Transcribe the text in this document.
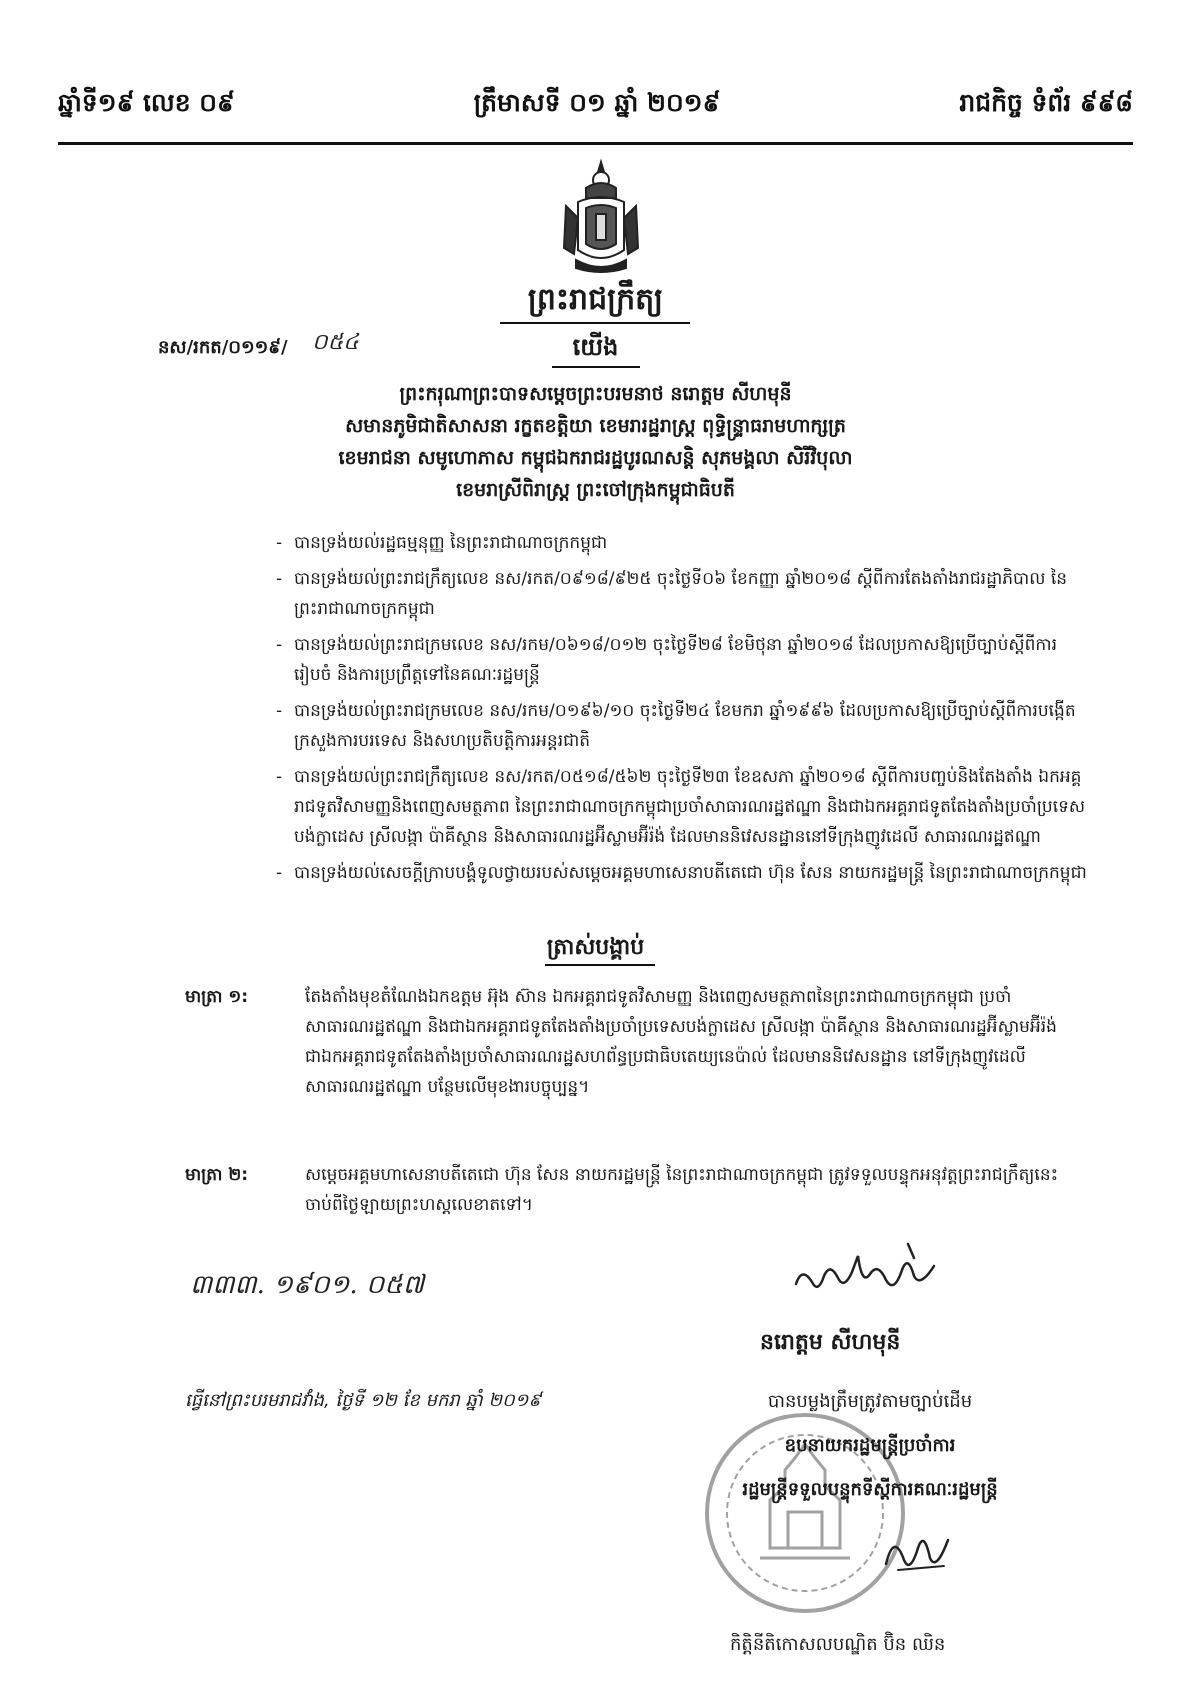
ឆ្នាំទី១៩ លេខ ០៩	ត្រឹមាសទី ០១ ឆ្នាំ ២០១៩	រាជកិច្ច ទំព័រ ៩៩៨
ព្រះរាជក្រឹត្យ
នស/រកត/០១១៩/ ០៥៤	យើង
ព្រះករុណាព្រះបាទសម្តេចព្រះបរមនាថ នរោត្តម សីហមុនី
សមានភូមិជាតិសាសនា រក្ខតខត្តិយា ខេមរារដ្ឋរាស្ត្រ ពុទ្ធិន្ទ្រាធរាមហាក្សត្រ
ខេមរាជនា សមូហោភាស កម្ពុជឯករាជរដ្ឋបូរណសន្តិ សុភមង្គលា សិរីវិបុលា
ខេមរាស្រីពិរាស្ត្រ ព្រះចៅក្រុងកម្ពុជាធិបតី
- បានទ្រង់យល់រដ្ឋធម្មនុញ្ញ នៃព្រះរាជាណាចក្រកម្ពុជា
- បានទ្រង់យល់ព្រះរាជក្រឹត្យលេខ នស/រកត/០៩១៨/៩២៥ ចុះថ្ងៃទី០៦ ខែកញ្ញា ឆ្នាំ២០១៨ ស្តីពីការតែងតាំងរាជរដ្ឋាភិបាល នៃព្រះរាជាណាចក្រកម្ពុជា
- បានទ្រង់យល់ព្រះរាជក្រមលេខ នស/រកម/០៦១៨/០១២ ចុះថ្ងៃទី២៨ ខែមិថុនា ឆ្នាំ២០១៨ ដែលប្រកាសឱ្យប្រើច្បាប់ស្តីពីការរៀបចំ និងការប្រព្រឹត្តទៅនៃគណៈរដ្ឋមន្ត្រី
- បានទ្រង់យល់ព្រះរាជក្រមលេខ នស/រកម/០១៩៦/១០ ចុះថ្ងៃទី២៤ ខែមករា ឆ្នាំ១៩៩៦ ដែលប្រកាសឱ្យប្រើច្បាប់ស្តីពីការបង្កើតក្រសួងការបរទេស និងសហប្រតិបត្តិការអន្តរជាតិ
- បានទ្រង់យល់ព្រះរាជក្រឹត្យលេខ នស/រកត/០៥១៨/៥៦២ ចុះថ្ងៃទី២៣ ខែឧសភា ឆ្នាំ២០១៨ ស្តីពីការបញ្ចប់និងតែងតាំង ឯកអគ្គរាជទូតវិសាមញ្ញនិងពេញសមត្ថភាព នៃព្រះរាជាណាចក្រកម្ពុជាប្រចាំសាធារណរដ្ឋឥណ្ឌា និងជាឯកអគ្គរាជទូតតែងតាំងប្រចាំប្រទេសបង់ក្លាដេស ស្រីលង្កា ប៉ាគីស្ថាន និងសាធារណរដ្ឋអ៊ីស្លាមអ៊ីរ៉ង់ ដែលមាននិវេសនដ្ឋាននៅទីក្រុងញូវដេលី សាធារណរដ្ឋឥណ្ឌា
- បានទ្រង់យល់សេចក្តីក្រាបបង្គំទូលថ្វាយរបស់សម្តេចអគ្គមហាសេនាបតីតេជោ ហ៊ុន សែន នាយករដ្ឋមន្ត្រី នៃព្រះរាជាណាចក្រកម្ពុជា
ត្រាស់បង្គាប់
មាត្រា ១:	តែងតាំងមុខតំណែងឯកឧត្តម អ៊ុង ស៊ាន ឯកអគ្គរាជទូតវិសាមញ្ញ និងពេញសមត្ថភាពនៃព្រះរាជាណាចក្រកម្ពុជា ប្រចាំសាធារណរដ្ឋឥណ្ឌា និងជាឯកអគ្គរាជទូតតែងតាំងប្រចាំប្រទេសបង់ក្លាដេស ស្រីលង្កា ប៉ាគីស្ថាន និងសាធារណរដ្ឋអ៊ីស្លាមអ៊ីរ៉ង់ ជាឯកអគ្គរាជទូតតែងតាំងប្រចាំសាធារណរដ្ឋសហព័ន្ធប្រជាធិបតេយ្យនេប៉ាល់ ដែលមាននិវេសនដ្ឋាន នៅទីក្រុងញូវដេលី សាធារណរដ្ឋឥណ្ឌា បន្ថែមលើមុខងារបច្ចុប្បន្ន។
មាត្រា ២:	សម្តេចអគ្គមហាសេនាបតីតេជោ ហ៊ុន សែន នាយករដ្ឋមន្ត្រី នៃព្រះរាជាណាចក្រកម្ពុជា ត្រូវទទួលបន្ទុកអនុវត្តព្រះរាជក្រឹត្យនេះ ចាប់ពីថ្ងៃឡាយព្រះហស្តលេខាតទៅ។
៣៣៣. ១៩០១. ០៥៧
នរោត្តម សីហមុនី
ធ្វើនៅព្រះបរមរាជវាំង, ថ្ងៃទី ១២ ខែ មករា ឆ្នាំ ២០១៩	បានបម្លងត្រឹមត្រូវតាមច្បាប់ដើម
ឧបនាយករដ្ឋមន្ត្រីប្រចាំការ
រដ្ឋមន្ត្រីទទួលបន្ទុកទីស្តីការគណៈរដ្ឋមន្ត្រី
កិត្តិនីតិកោសលបណ្ឌិត ប៊ិន ឈិន
